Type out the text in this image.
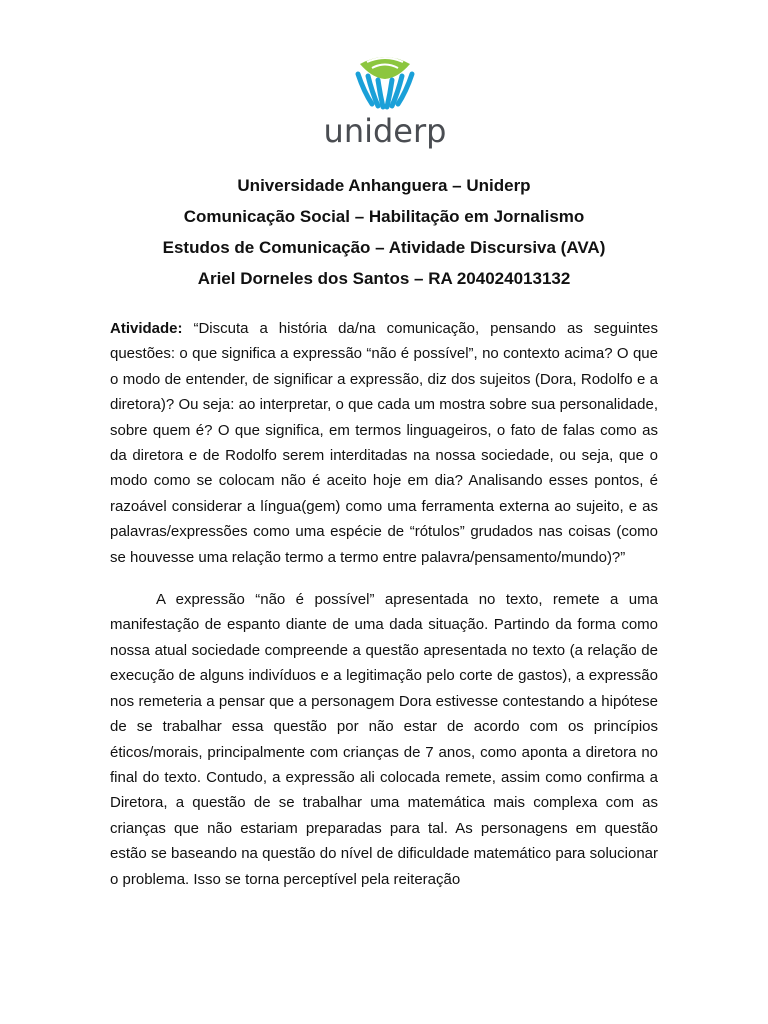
uniderp
Universidade Anhanguera – Uniderp
Comunicação Social – Habilitação em Jornalismo
Estudos de Comunicação – Atividade Discursiva (AVA)
Ariel Dorneles dos Santos – RA 204024013132

Atividade: “Discuta a história da/na comunicação, pensando as seguintes questões: o que significa a expressão “não é possível”, no contexto acima? O que o modo de entender, de significar a expressão, diz dos sujeitos (Dora, Rodolfo e a diretora)? Ou seja: ao interpretar, o que cada um mostra sobre sua personalidade, sobre quem é? O que significa, em termos linguageiros, o fato de falas como as da diretora e de Rodolfo serem interditadas na nossa sociedade, ou seja, que o modo como se colocam não é aceito hoje em dia? Analisando esses pontos, é razoável considerar a língua(gem) como uma ferramenta externa ao sujeito, e as palavras/expressões como uma espécie de “rótulos” grudados nas coisas (como se houvesse uma relação termo a termo entre palavra/pensamento/mundo)?”

A expressão “não é possível” apresentada no texto, remete a uma manifestação de espanto diante de uma dada situação. Partindo da forma como nossa atual sociedade compreende a questão apresentada no texto (a relação de execução de alguns indivíduos e a legitimação pelo corte de gastos), a expressão nos remeteria a pensar que a personagem Dora estivesse contestando a hipótese de se trabalhar essa questão por não estar de acordo com os princípios éticos/morais, principalmente com crianças de 7 anos, como aponta a diretora no final do texto. Contudo, a expressão ali colocada remete, assim como confirma a Diretora, a questão de se trabalhar uma matemática mais complexa com as crianças que não estariam preparadas para tal. As personagens em questão estão se baseando na questão do nível de dificuldade matemático para solucionar o problema. Isso se torna perceptível pela reiteração
